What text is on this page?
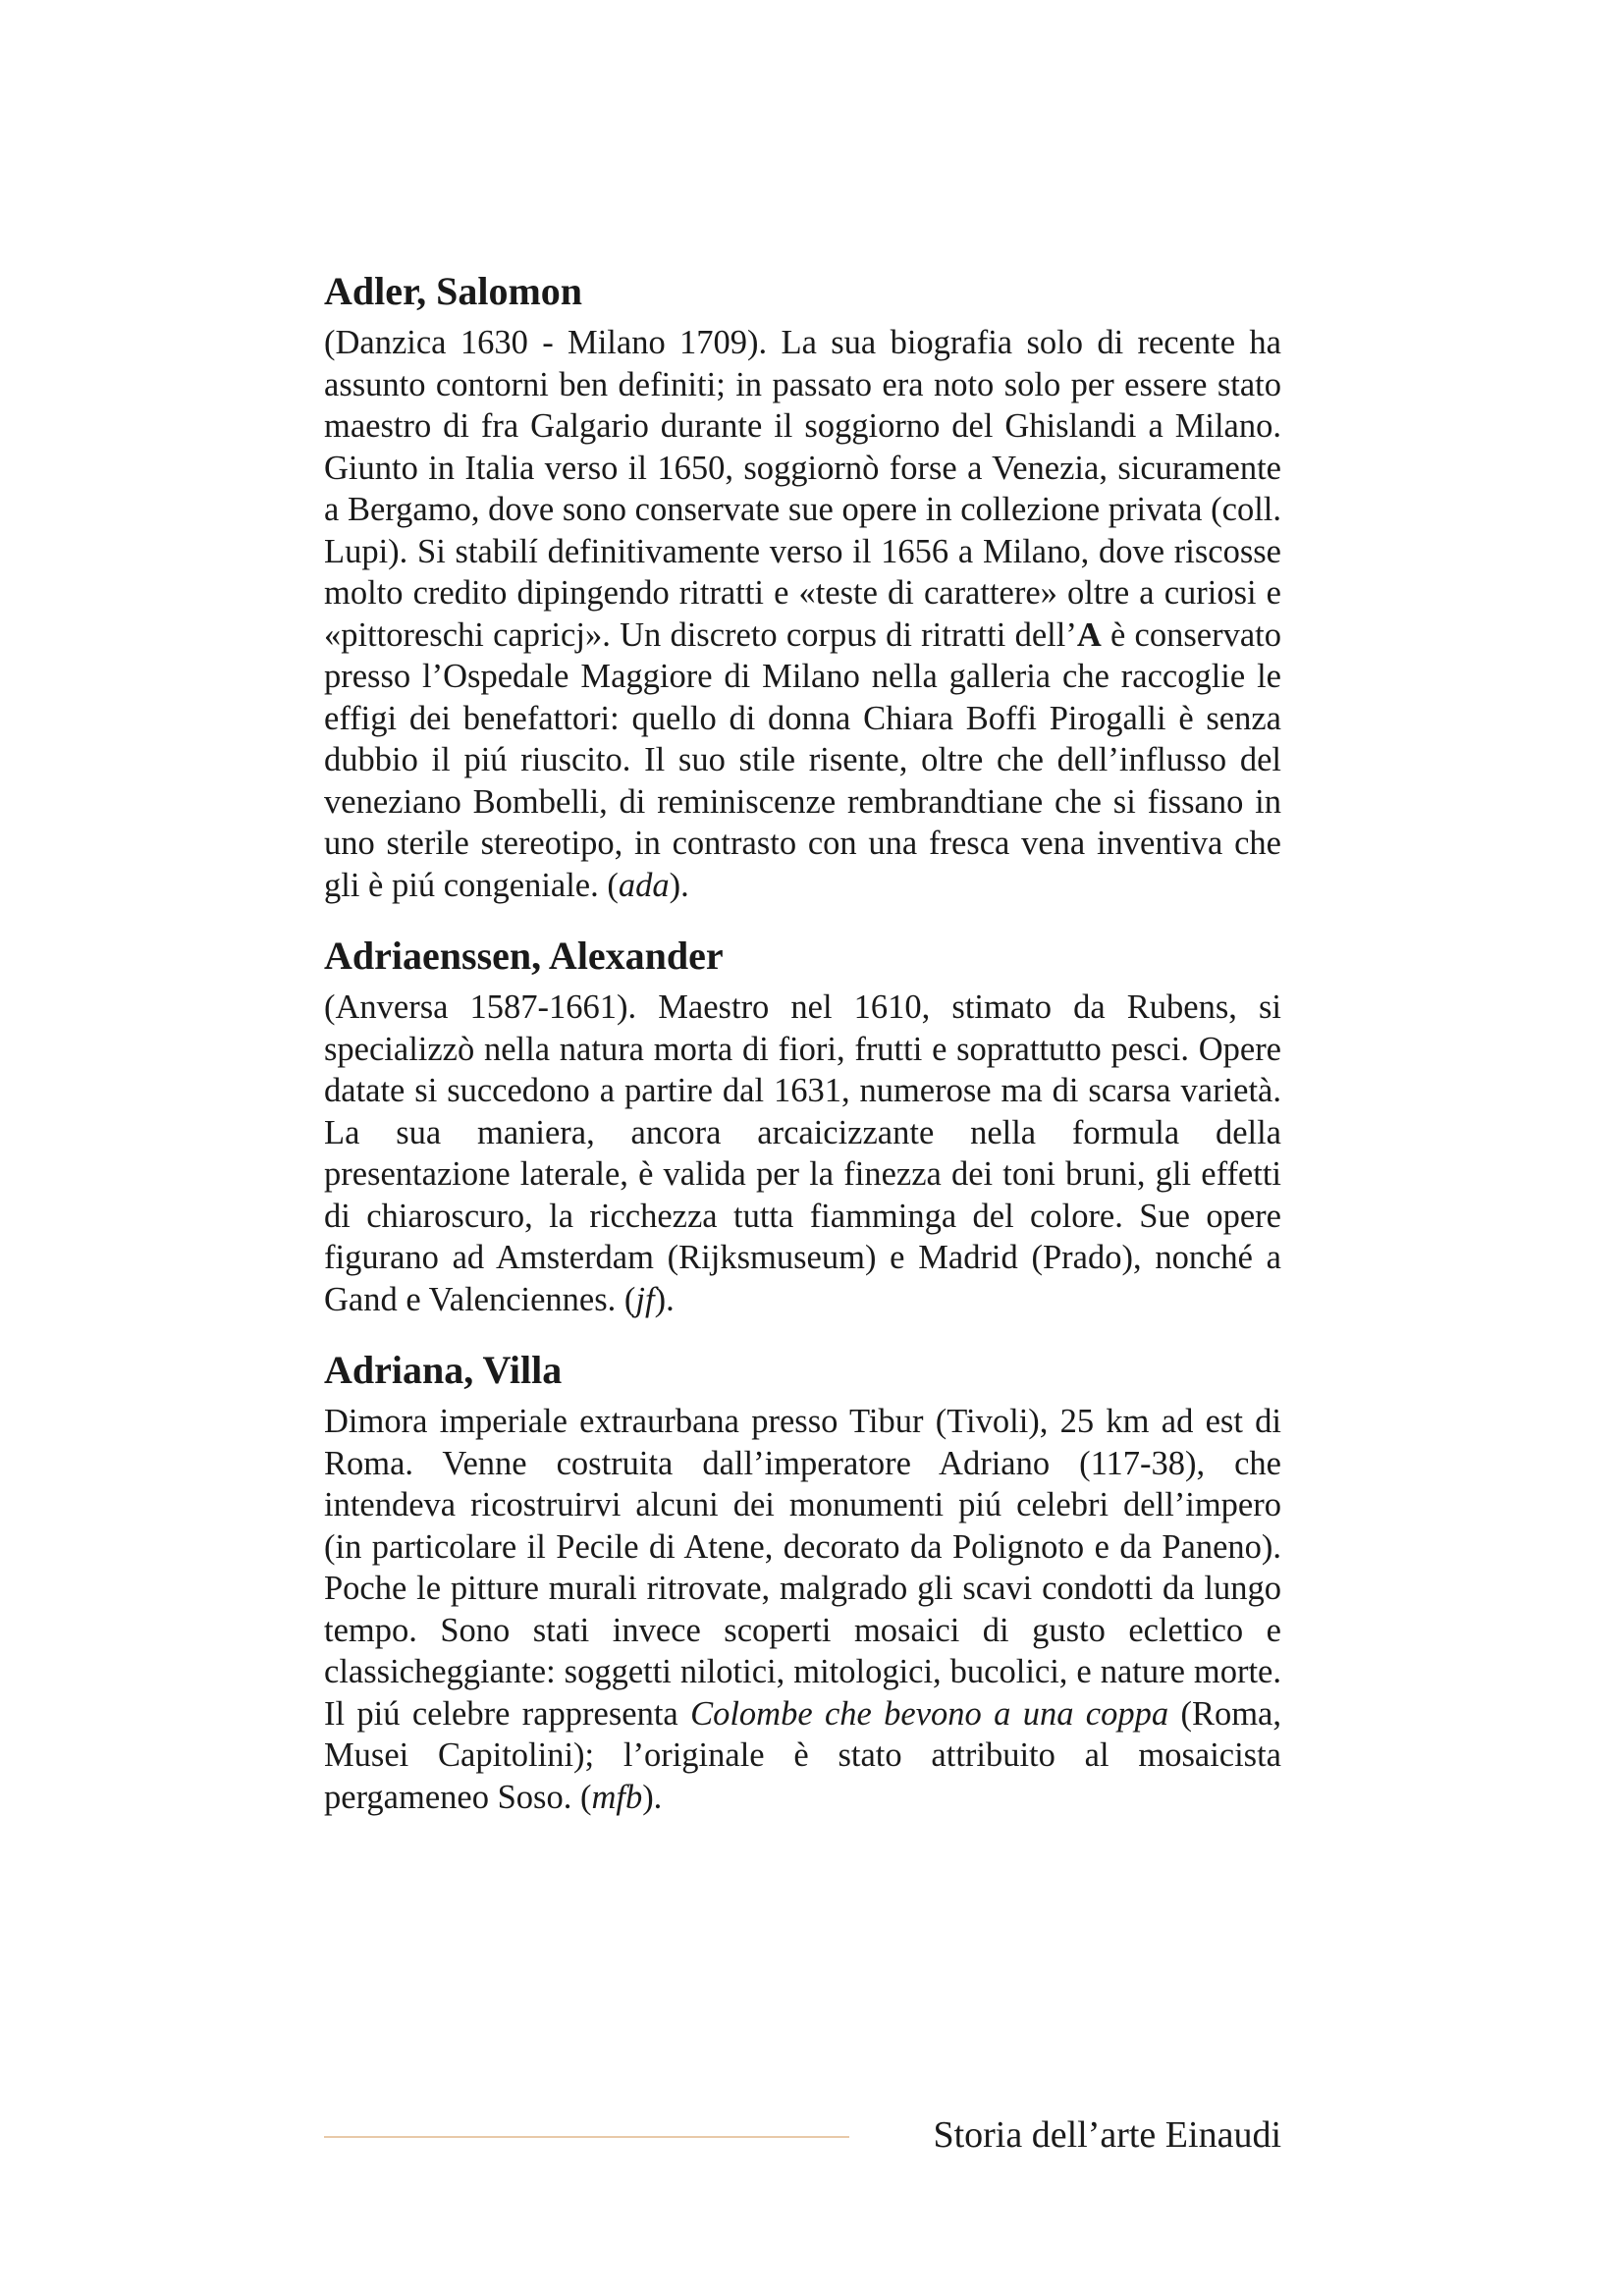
Adler, Salomon

(Danzica 1630 - Milano 1709). La sua biografia solo di recente ha assunto contorni ben definiti; in passato era noto solo per essere stato maestro di fra Galgario durante il soggiorno del Ghislandi a Milano. Giunto in Italia verso il 1650, soggiornò forse a Venezia, sicuramente a Bergamo, dove sono conservate sue opere in collezione privata (coll. Lupi). Si stabilí definitivamente verso il 1656 a Milano, dove riscosse molto credito dipingendo ritratti e «teste di carattere» oltre a curiosi e «pittoreschi capricj». Un discreto corpus di ritratti dell’A è conservato presso l’Ospedale Maggiore di Milano nella galleria che raccoglie le effigi dei benefattori: quello di donna Chiara Boffi Pirogalli è senza dubbio il piú riuscito. Il suo stile risente, oltre che dell’influsso del veneziano Bombelli, di reminiscenze rembrandtiane che si fissano in uno sterile stereotipo, in contrasto con una fresca vena inventiva che gli è piú congeniale. (ada).

Adriaenssen, Alexander

(Anversa 1587-1661). Maestro nel 1610, stimato da Rubens, si specializzò nella natura morta di fiori, frutti e soprattutto pesci. Opere datate si succedono a partire dal 1631, numerose ma di scarsa varietà. La sua maniera, ancora arcaicizzante nella formula della presentazione laterale, è valida per la finezza dei toni bruni, gli effetti di chiaroscuro, la ricchezza tutta fiamminga del colore. Sue opere figurano ad Amsterdam (Rijksmuseum) e Madrid (Prado), nonché a Gand e Valenciennes. (jf).

Adriana, Villa

Dimora imperiale extraurbana presso Tibur (Tivoli), 25 km ad est di Roma. Venne costruita dall’imperatore Adriano (117-38), che intendeva ricostruirvi alcuni dei monumenti piú celebri dell’impero (in particolare il Pecile di Atene, decorato da Polignoto e da Paneno). Poche le pitture murali ritrovate, malgrado gli scavi condotti da lungo tempo. Sono stati invece scoperti mosaici di gusto eclettico e classicheggiante: soggetti nilotici, mitologici, bucolici, e nature morte. Il piú celebre rappresenta Colombe che bevono a una coppa (Roma, Musei Capitolini); l’originale è stato attribuito al mosaicista pergameneo Soso. (mfb).

Storia dell’arte Einaudi
